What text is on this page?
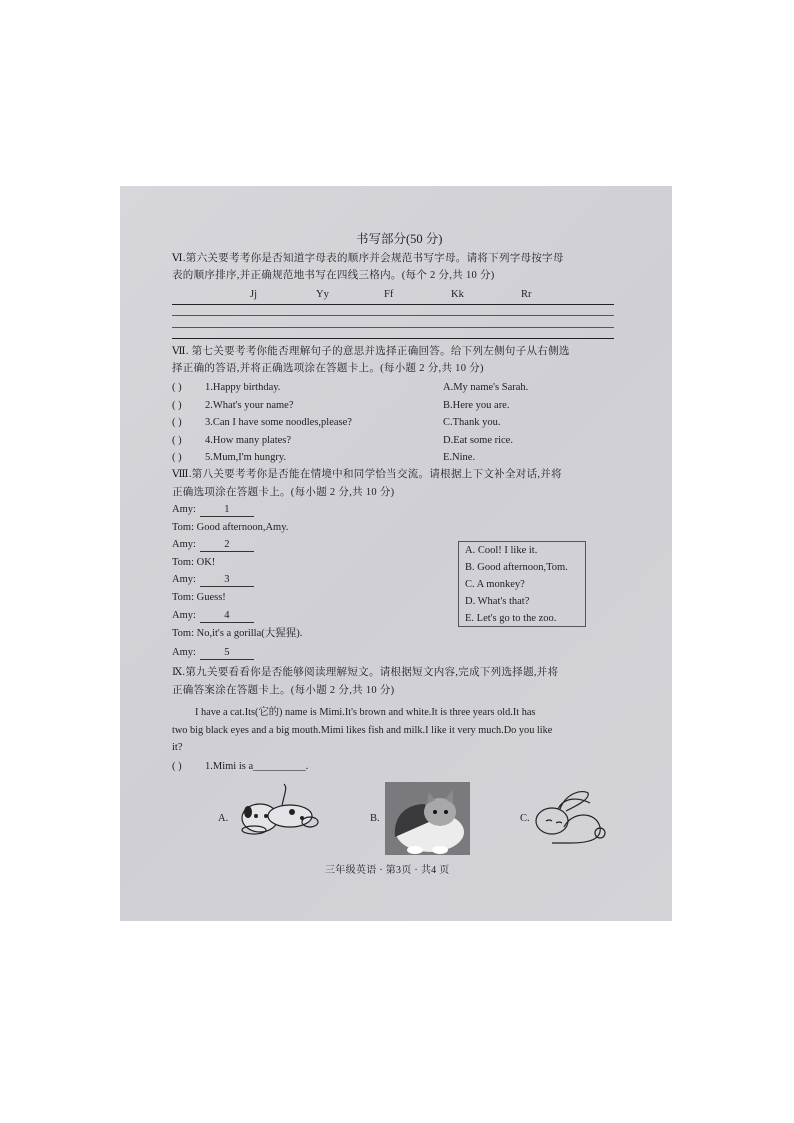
书写部分(50 分)
Ⅵ.第六关要考考你是否知道字母表的顺序并会规范书写字母。请将下列字母按字母
表的顺序排序,并正确规范地书写在四线三格内。(每个 2 分,共 10 分)
Jj	Yy	Ff	Kk	Rr
Ⅶ. 第七关要考考你能否理解句子的意思并选择正确回答。给下列左侧句子从右侧选
择正确的答语,并将正确选项涂在答题卡上。(每小题 2 分,共 10 分)
( ) 1.Happy birthday.	A.My name's Sarah.
( ) 2.What's your name?	B.Here you are.
( ) 3.Can I have some noodles,please?	C.Thank you.
( ) 4.How many plates?	D.Eat some rice.
( ) 5.Mum,I'm hungry.	E.Nine.
Ⅷ.第八关要考考你是否能在情境中和同学恰当交流。请根据上下文补全对话,并将
正确选项涂在答题卡上。(每小题 2 分,共 10 分)
Amy:	1
Tom: Good afternoon,Amy.
Amy:	2
Tom: OK!
Amy:	3
Tom: Guess!
Amy:	4
Tom: No,it's a gorilla(大猩猩).
Amy:	5
A. Cool! I like it.
B. Good afternoon,Tom.
C. A monkey?
D. What's that?
E. Let's go to the zoo.
Ⅸ.第九关要看看你是否能够阅读理解短文。请根据短文内容,完成下列选择题,并将
正确答案涂在答题卡上。(每小题 2 分,共 10 分)
I have a cat.Its(它的) name is Mimi.It's brown and white.It is three years old.It has
two big black eyes and a big mouth.Mimi likes fish and milk.I like it very much.Do you like
it?
( ) 1.Mimi is a__________.
A.	B.	C.
三年级英语 · 第3页 · 共4 页
